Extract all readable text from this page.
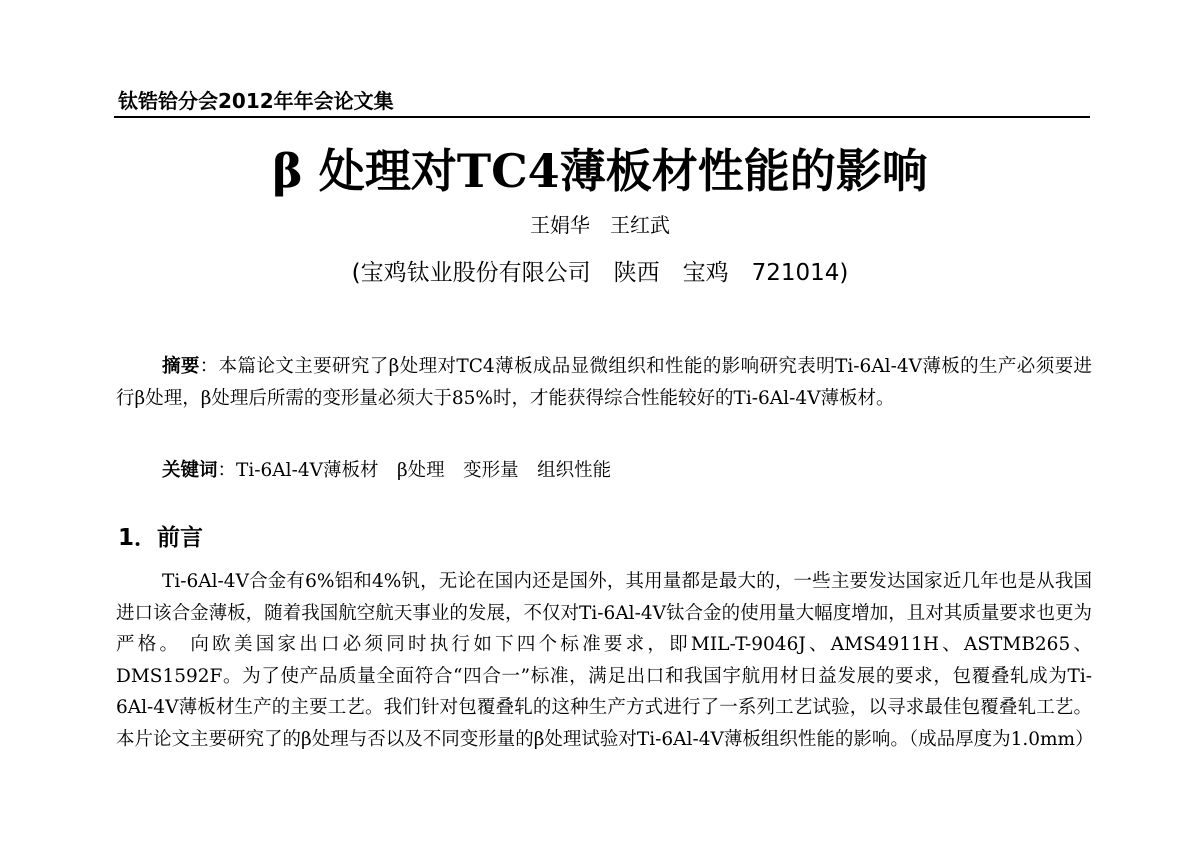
钛锆铪分会2012年年会论文集
β 处理对TC4薄板材性能的影响
王娟华　王红武
(宝鸡钛业股份有限公司　陕西　宝鸡　721014)
摘要：本篇论文主要研究了β处理对TC4薄板成品显微组织和性能的影响研究表明Ti-6Al-4V薄板的生产必须要进行β处理，β处理后所需的变形量必须大于85%时，才能获得综合性能较好的Ti-6Al-4V薄板材。
关键词：Ti-6Al-4V薄板材　β处理　变形量　组织性能
1．前言
Ti-6Al-4V合金有6%铝和4%钒，无论在国内还是国外，其用量都是最大的，一些主要发达国家近几年也是从我国进口该合金薄板，随着我国航空航天事业的发展，不仅对Ti-6Al-4V钛合金的使用量大幅度增加，且对其质量要求也更为严格。 向欧美国家出口必须同时执行如下四个标准要求，即MIL-T-9046J、AMS4911H、ASTMB265、DMS1592F。为了使产品质量全面符合“四合一”标准，满足出口和我国宇航用材日益发展的要求，包覆叠轧成为Ti-6Al-4V薄板材生产的主要工艺。我们针对包覆叠轧的这种生产方式进行了一系列工艺试验，以寻求最佳包覆叠轧工艺。本片论文主要研究了的β处理与否以及不同变形量的β处理试验对Ti-6Al-4V薄板组织性能的影响。（成品厚度为1.0mm）
